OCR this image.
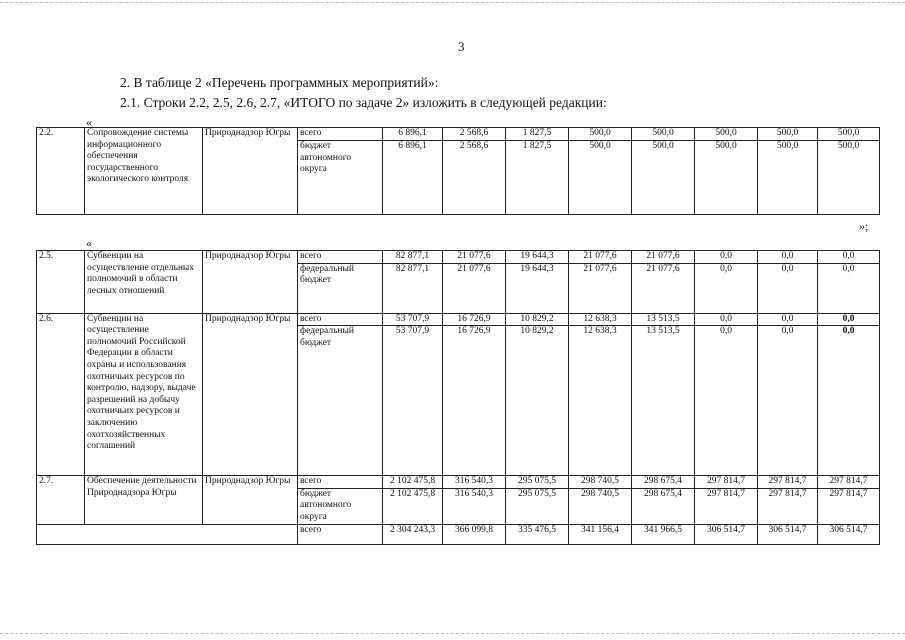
3
2. В таблице 2 «Перечень программных мероприятий»:
2.1. Строки 2.2, 2.5, 2.6, 2.7, «ИТОГО по задаче 2» изложить в следующей редакции:
«
2.2.	Сопровождение системы информационного обеспечения государственного экологического контроля	Природнадзор Югры	всего	6 896,1	2 568,6	1 827,5	500,0	500,0	500,0	500,0	500,0
			бюджет автономного округа	6 896,1	2 568,6	1 827,5	500,0	500,0	500,0	500,0	500,0
»;
«
2.5.	Субвенции на осуществление отдельных полномочий в области лесных отношений	Природнадзор Югры	всего	82 877,1	21 077,6	19 644,3	21 077,6	21 077,6	0,0	0,0	0,0
			федеральный бюджет	82 877,1	21 077,6	19 644,3	21 077,6	21 077,6	0,0	0,0	0,0
2.6.	Субвенции на осуществление полномочий Российской Федерации в области охраны и использования охотничьих ресурсов по контролю, надзору, выдаче разрешений на добычу охотничьих ресурсов и заключению охотхозяйственных соглашений	Природнадзор Югры	всего	53 707,9	16 726,9	10 829,2	12 638,3	13 513,5	0,0	0,0	0,0
			федеральный бюджет	53 707,9	16 726,9	10 829,2	12 638,3	13 513,5	0,0	0,0	0,0
2.7.	Обеспечение деятельности Природнадзора Югры	Природнадзор Югры	всего	2 102 475,8	316 540,3	295 075,5	298 740,5	298 675,4	297 814,7	297 814,7	297 814,7
			бюджет автономного округа	2 102 475,8	316 540,3	295 075,5	298 740,5	298 675,4	297 814,7	297 814,7	297 814,7
			всего	2 304 243,3	366 099,8	335 476,5	341 156,4	341 966,5	306 514,7	306 514,7	306 514,7
